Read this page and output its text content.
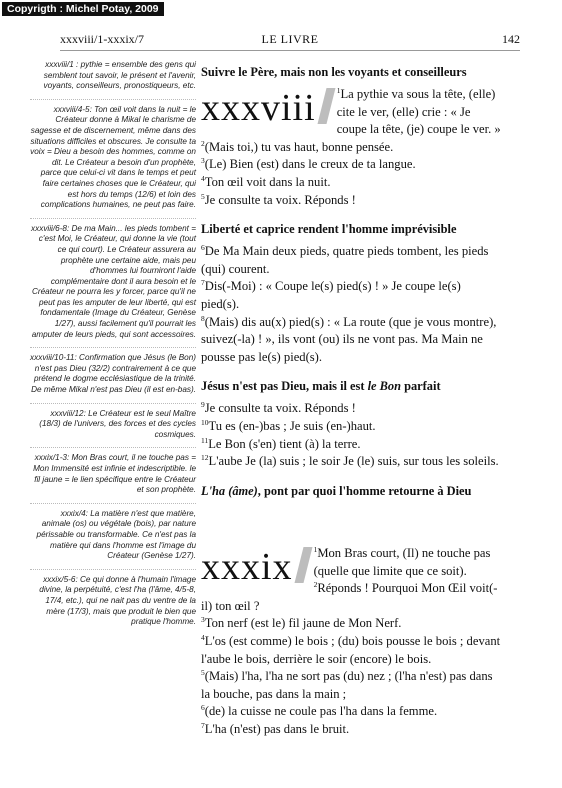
Copyrigth : Michel Potay, 2009
xxxviii/1-xxxix/7	LE LIVRE	142

xxxviii/1 : pythie = ensemble des gens qui semblent tout savoir, le présent et l'avenir, voyants, conseilleurs, pronostiqueurs, etc.

xxxviii/4-5: Ton œil voit dans la nuit = le Créateur donne à Mikal le charisme de sagesse et de discernement, même dans des situations difficiles et obscures. Je consulte ta voix = Dieu a besoin des hommes, comme on dit. Le Créateur a besoin d'un prophète, parce que celui-ci vit dans le temps et peut faire certaines choses que le Créateur, qui est hors du temps (12/6) et loin des complications humaines, ne peut pas faire.

xxxviii/6-8: De ma Main... les pieds tombent = c'est Moi, le Créateur, qui donne la vie (tout ce qui court). Le Créateur assurera au prophète une certaine aide, mais peu d'hommes lui fourniront l'aide complémentaire dont il aura besoin et le Créateur ne pourra les y forcer, parce qu'il ne peut pas les amputer de leur liberté, qui est fondamentale (Image du Créateur, Genèse 1/27), aussi facilement qu'il pourrait les amputer de leurs pieds, qui sont accessoires.

xxxviii/10-11: Confirmation que Jésus (le Bon) n'est pas Dieu (32/2) contrairement à ce que prétend le dogme ecclésiastique de la trinité. De même Mikal n'est pas Dieu (il est en-bas).

xxxviii/12: Le Créateur est le seul Maître (18/3) de l'univers, des forces et des cycles cosmiques.

xxxix/1-3: Mon Bras court, il ne touche pas = Mon Immensité est infinie et indescriptible. le fil jaune = le lien spécifique entre le Créateur et son prophète.

xxxix/4: La matière n'est que matière, animale (os) ou végétale (bois), par nature périssable ou transformable. Ce n'est pas la matière qui dans l'homme est l'image du Créateur (Genèse 1/27).

xxxix/5-6: Ce qui donne à l'humain l'image divine, la perpétuité, c'est l'ha (l'âme, 4/5-8, 17/4, etc.), qui ne nait pas du ventre de la mère (17/3), mais que produit le bien que pratique l'homme.

Suivre le Père, mais non les voyants et conseilleurs
xxxviii	$^1$La pythie va sous la tête, (elle) cite le ver, (elle) crie : « Je coupe la tête, (je) coupe le ver. »

$^2$(Mais toi,) tu vas haut, bonne pensée.

$^3$(Le) Bien (est) dans le creux de ta langue.

$^4$Ton œil voit dans la nuit.

$^5$Je consulte ta voix. Réponds !

Liberté et caprice rendent l'homme imprévisible

$^6$De Ma Main deux pieds, quatre pieds tombent, les pieds (qui) courent.

$^7$Dis(-Moi) : « Coupe le(s) pied(s) ! » Je coupe le(s) pied(s).

$^8$(Mais) dis au(x) pied(s) : « La route (que je vous montre), suivez(-la) ! », ils vont (ou) ils ne vont pas. Ma Main ne pousse pas le(s) pied(s).

Jésus n'est pas Dieu, mais il est le Bon parfait

$^9$Je consulte ta voix. Réponds !

$^{10}$Tu es (en-)bas ; Je suis (en-)haut.

$^{11}$Le Bon (s'en) tient (à) la terre.

$^{12}$L'aube Je (la) suis ; le soir Je (le) suis, sur tous les soleils.

L'ha (âme), pont par quoi l'homme retourne à Dieu
xxxix	$^1$Mon Bras court, (Il) ne touche pas (quelle que limite que ce soit).

$^2$Réponds ! Pourquoi Mon Œil voit(-il) ton œil ?

$^3$Ton nerf (est le) fil jaune de Mon Nerf.

$^4$L'os (est comme) le bois ; (du) bois pousse le bois ; devant l'aube le bois, derrière le soir (encore) le bois.

$^5$(Mais) l'ha, l'ha ne sort pas (du) nez ; (l'ha n'est) pas dans la bouche, pas dans la main ;

$^6$(de) la cuisse ne coule pas l'ha dans la femme.

$^7$L'ha (n'est) pas dans le bruit.
